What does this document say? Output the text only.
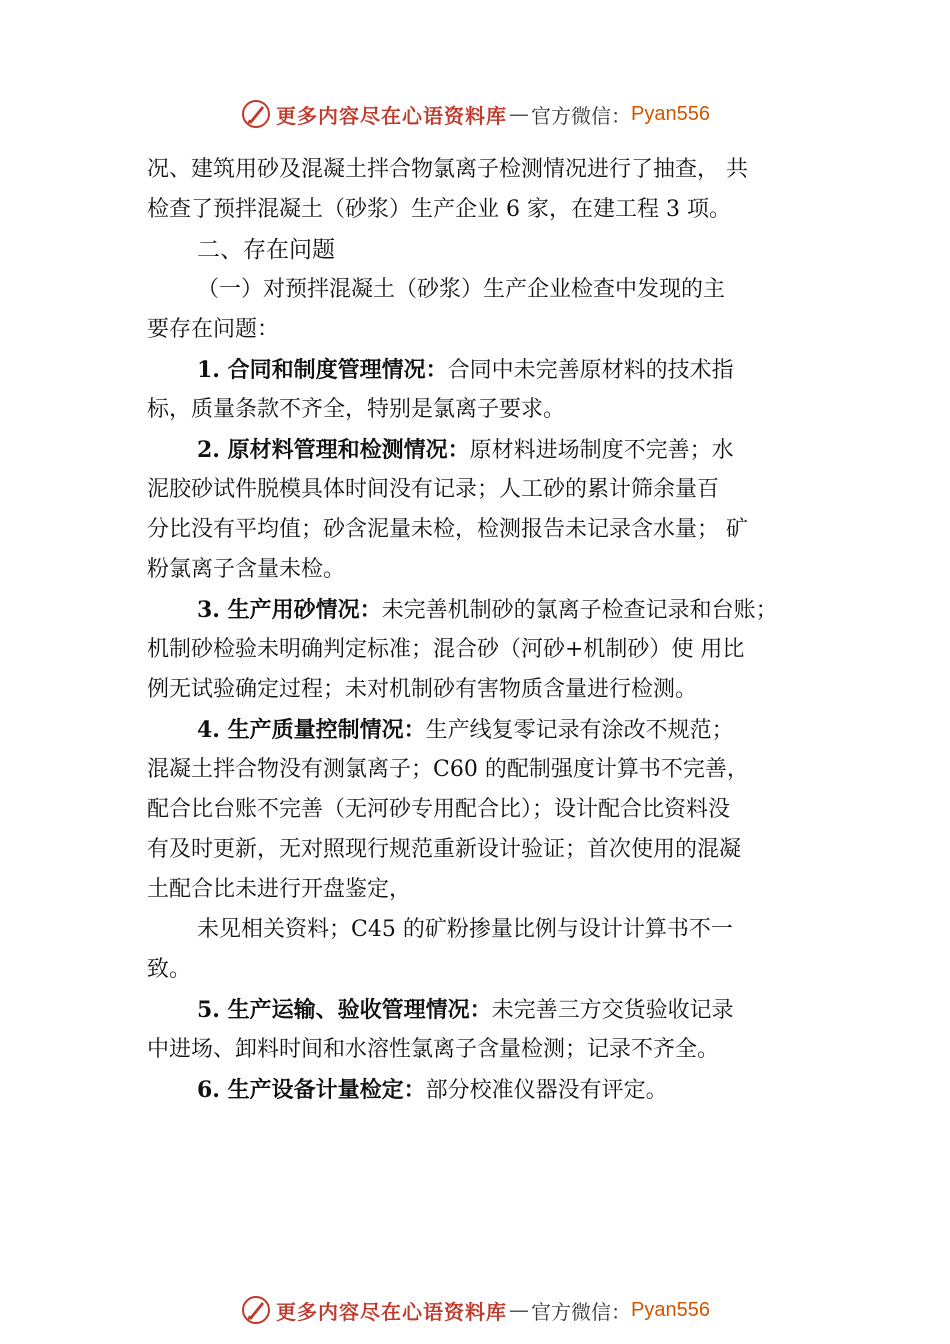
更多内容尽在心语资料库 — 官方微信： Pyan556
况、建筑用砂及混凝土拌合物氯离子检测情况进行了抽查， 共
检查了预拌混凝土（砂浆）生产企业 6 家，在建工程 3 项。
二、存在问题
（一）对预拌混凝土（砂浆）生产企业检查中发现的主
要存在问题：
1. 合同和制度管理情况：合同中未完善原材料的技术指
标，质量条款不齐全，特别是氯离子要求。
2. 原材料管理和检测情况：原材料进场制度不完善；水
泥胶砂试件脱模具体时间没有记录；人工砂的累计筛余量百
分比没有平均值；砂含泥量未检，检测报告未记录含水量； 矿
粉氯离子含量未检。
3. 生产用砂情况：未完善机制砂的氯离子检查记录和台账；
机制砂检验未明确判定标准；混合砂（河砂+机制砂）使 用比
例无试验确定过程；未对机制砂有害物质含量进行检测。
4. 生产质量控制情况：生产线复零记录有涂改不规范；
混凝土拌合物没有测氯离子；C60 的配制强度计算书不完善，
配合比台账不完善（无河砂专用配合比）；设计配合比资料没
有及时更新，无对照现行规范重新设计验证；首次使用的混凝
土配合比未进行开盘鉴定，
未见相关资料；C45 的矿粉掺量比例与设计计算书不一
致。
5. 生产运输、验收管理情况：未完善三方交货验收记录
中进场、卸料时间和水溶性氯离子含量检测；记录不齐全。
6. 生产设备计量检定：部分校准仪器没有评定。
更多内容尽在心语资料库 — 官方微信： Pyan556
